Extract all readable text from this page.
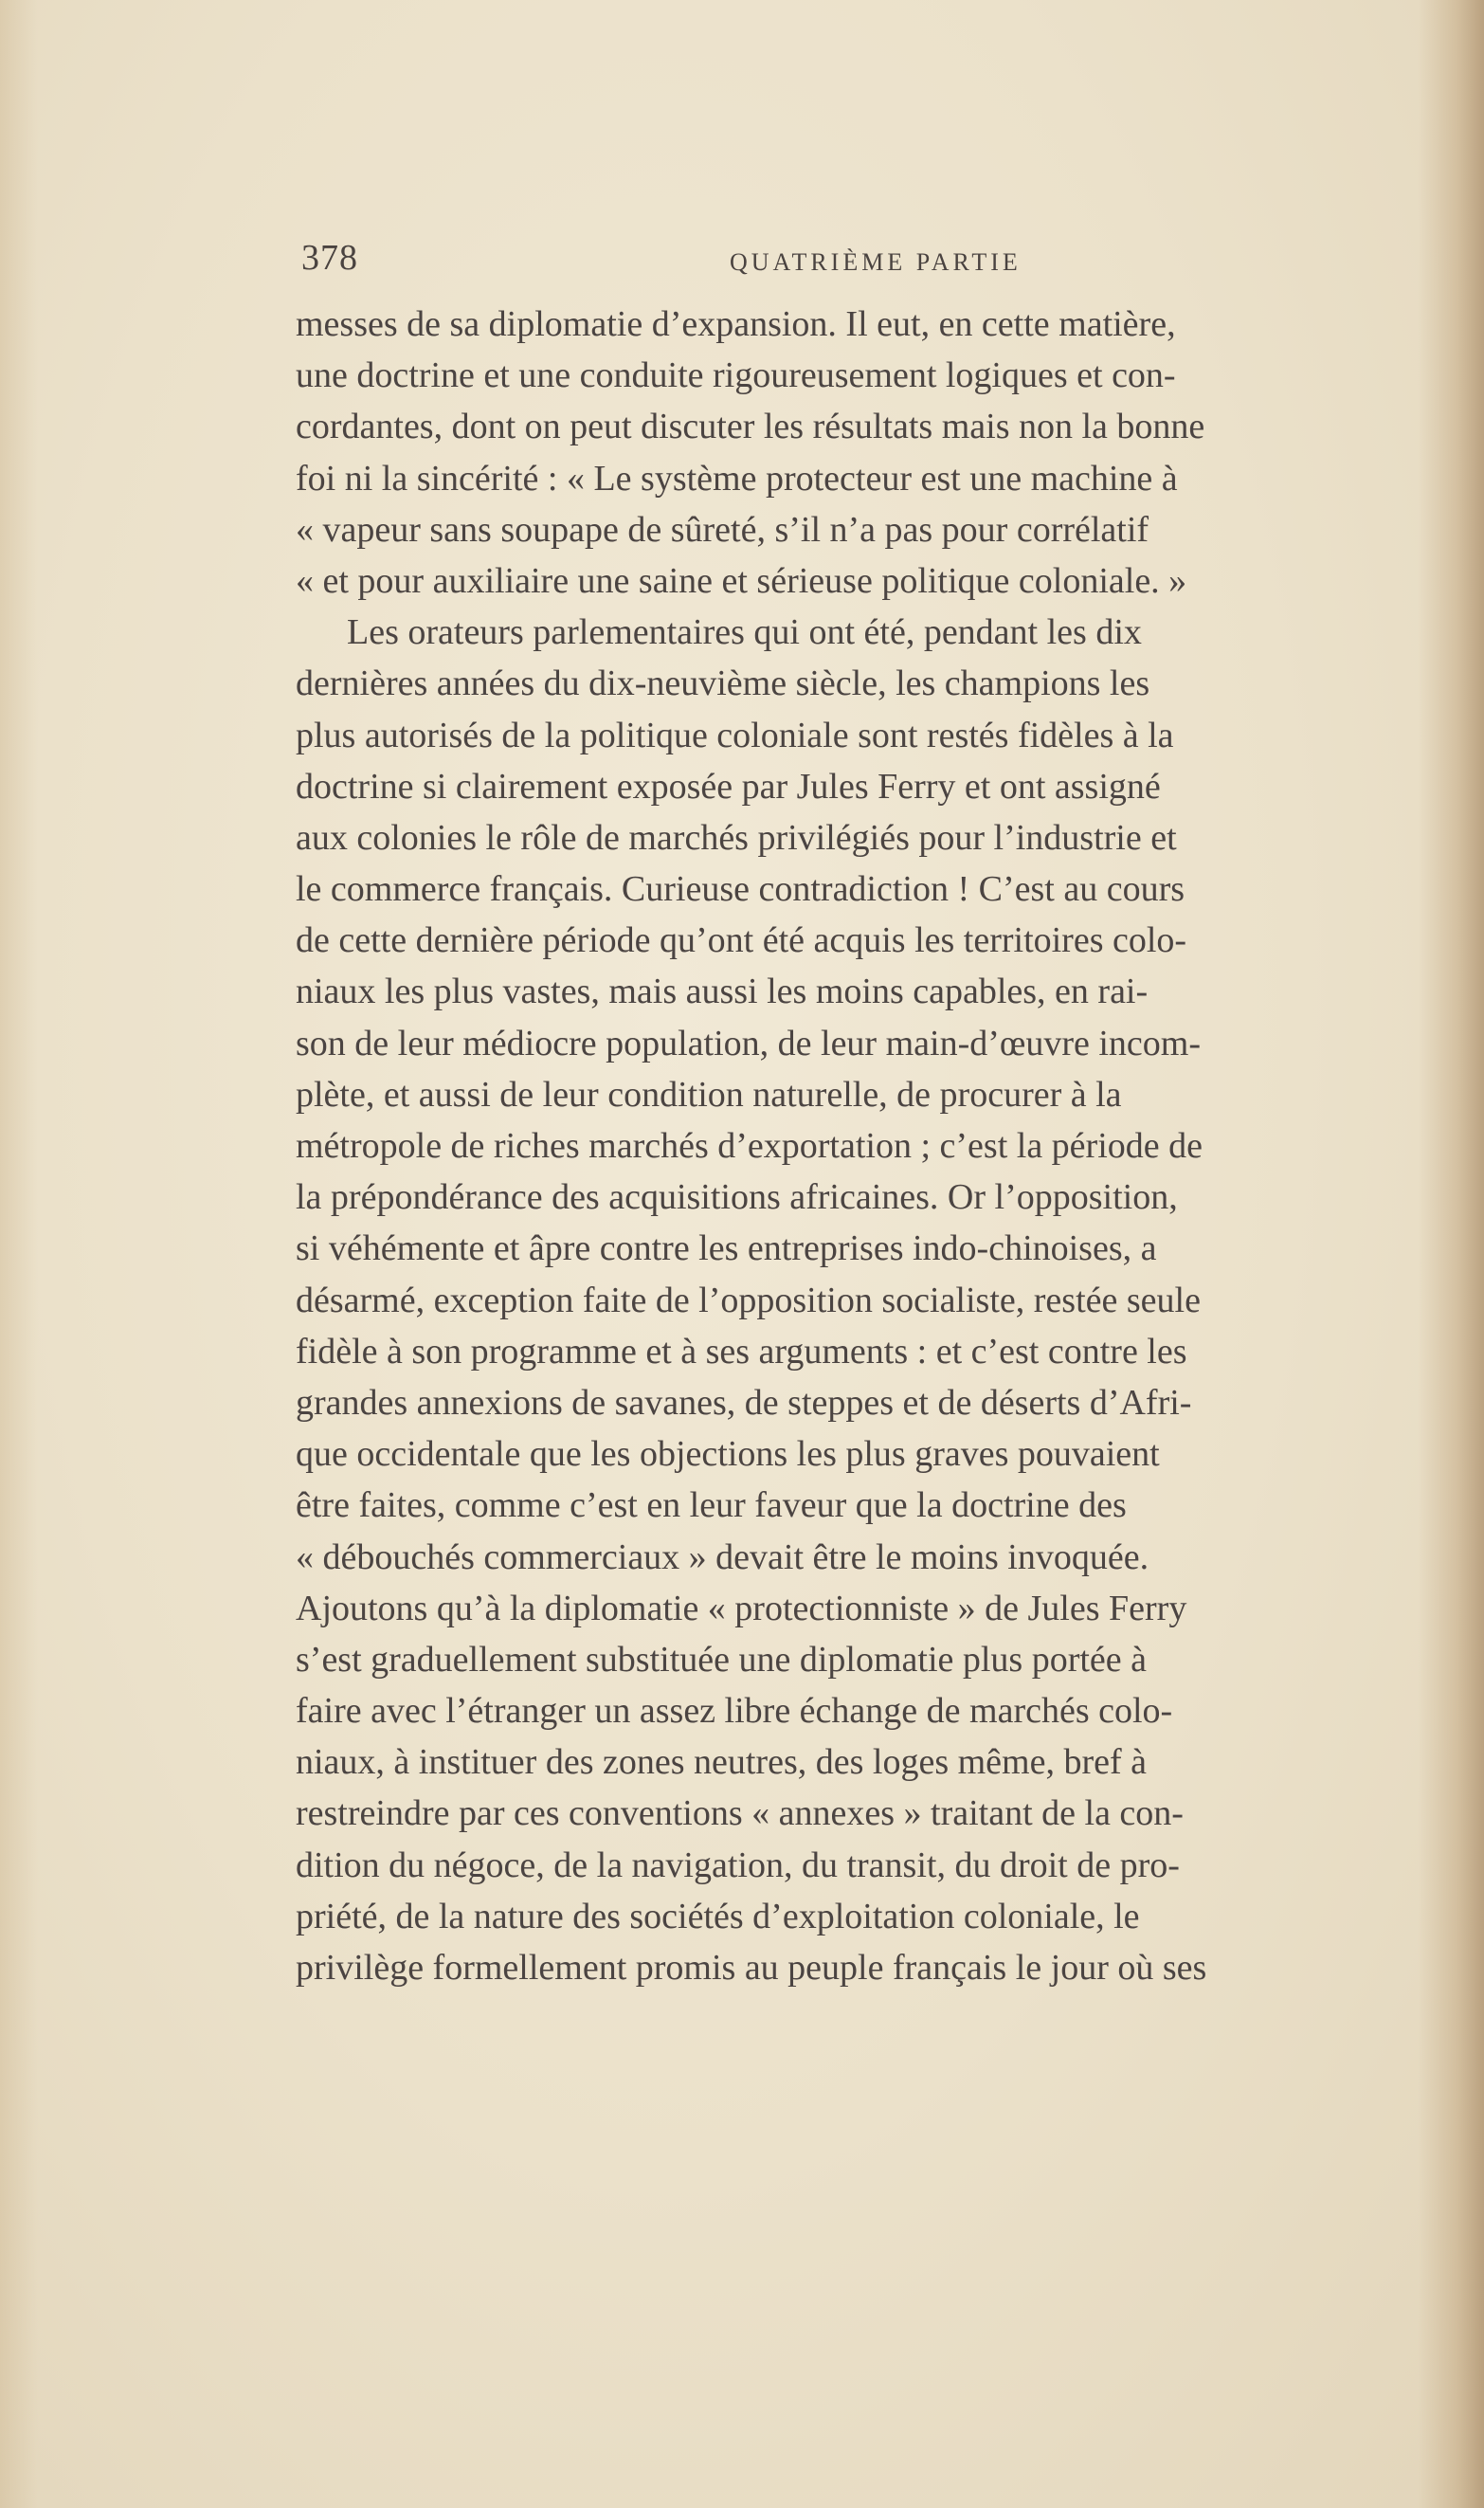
378	QUATRIÈME PARTIE
messes de sa diplomatie d’expansion. Il eut, en cette matière,
une doctrine et une conduite rigoureusement logiques et con-
cordantes, dont on peut discuter les résultats mais non la bonne
foi ni la sincérité : « Le système protecteur est une machine à
« vapeur sans soupape de sûreté, s’il n’a pas pour corrélatif
« et pour auxiliaire une saine et sérieuse politique coloniale. »
Les orateurs parlementaires qui ont été, pendant les dix
dernières années du dix-neuvième siècle, les champions les
plus autorisés de la politique coloniale sont restés fidèles à la
doctrine si clairement exposée par Jules Ferry et ont assigné
aux colonies le rôle de marchés privilégiés pour l’industrie et
le commerce français. Curieuse contradiction ! C’est au cours
de cette dernière période qu’ont été acquis les territoires colo-
niaux les plus vastes, mais aussi les moins capables, en rai-
son de leur médiocre population, de leur main-d’œuvre incom-
plète, et aussi de leur condition naturelle, de procurer à la
métropole de riches marchés d’exportation ; c’est la période de
la prépondérance des acquisitions africaines. Or l’opposition,
si véhémente et âpre contre les entreprises indo-chinoises, a
désarmé, exception faite de l’opposition socialiste, restée seule
fidèle à son programme et à ses arguments : et c’est contre les
grandes annexions de savanes, de steppes et de déserts d’Afri-
que occidentale que les objections les plus graves pouvaient
être faites, comme c’est en leur faveur que la doctrine des
« débouchés commerciaux » devait être le moins invoquée.
Ajoutons qu’à la diplomatie « protectionniste » de Jules Ferry
s’est graduellement substituée une diplomatie plus portée à
faire avec l’étranger un assez libre échange de marchés colo-
niaux, à instituer des zones neutres, des loges même, bref à
restreindre par ces conventions « annexes » traitant de la con-
dition du négoce, de la navigation, du transit, du droit de pro-
priété, de la nature des sociétés d’exploitation coloniale, le
privilège formellement promis au peuple français le jour où ses
